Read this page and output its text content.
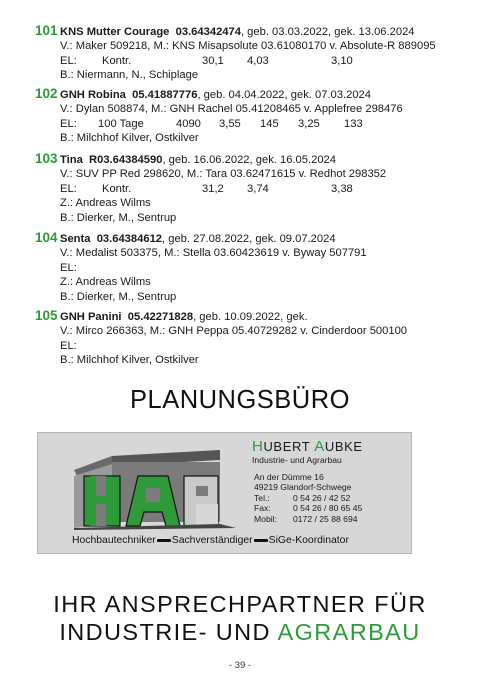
101 KNS Mutter Courage 03.64342474, geb. 03.03.2022, gek. 13.06.2024
V.: Maker 509218, M.: KNS Misapsolute 03.61080170 v. Absolute-R 889095
EL: Kontr.	30,1 4,03	3,10
B.: Niermann, N., Schiplage
102 GNH Robina 05.41887776, geb. 04.04.2022, gek. 07.03.2024
V.: Dylan 508874, M.: GNH Rachel 05.41208465 v. Applefree 298476
EL: 100 Tage	4090 3,55 145 3,25 133
B.: Milchhof Kilver, Ostkilver
103 Tina R03.64384590, geb. 16.06.2022, gek. 16.05.2024
V.: SUV PP Red 298620, M.: Tara 03.62471615 v. Redhot 298352
EL: Kontr.	31,2 3,74	3,38
Z.: Andreas Wilms
B.: Dierker, M., Sentrup
104 Senta 03.64384612, geb. 27.08.2022, gek. 09.07.2024
V.: Medalist 503375, M.: Stella 03.60423619 v. Byway 507791
EL:
Z.: Andreas Wilms
B.: Dierker, M., Sentrup
105 GNH Panini 05.42271828, geb. 10.09.2022, gek.
V.: Mirco 266363, M.: GNH Peppa 05.40729282 v. Cinderdoor 500100
EL:
B.: Milchhof Kilver, Ostkilver
PLANUNGSBÜRO
HAP	HUBERT AUBKE
Industrie- und Agrarbau
An der Dümme 16
49219 Glandorf-Schwege
Tel.:	0 54 26 / 42 52
Fax:	0 54 26 / 80 65 45
Mobil: 0172 / 25 88 694
Hochbautechniker Sachverständiger SiGe-Koordinator
IHR ANSPRECHPARTNER FÜR
INDUSTRIE- UND AGRARBAU
- 39 -
